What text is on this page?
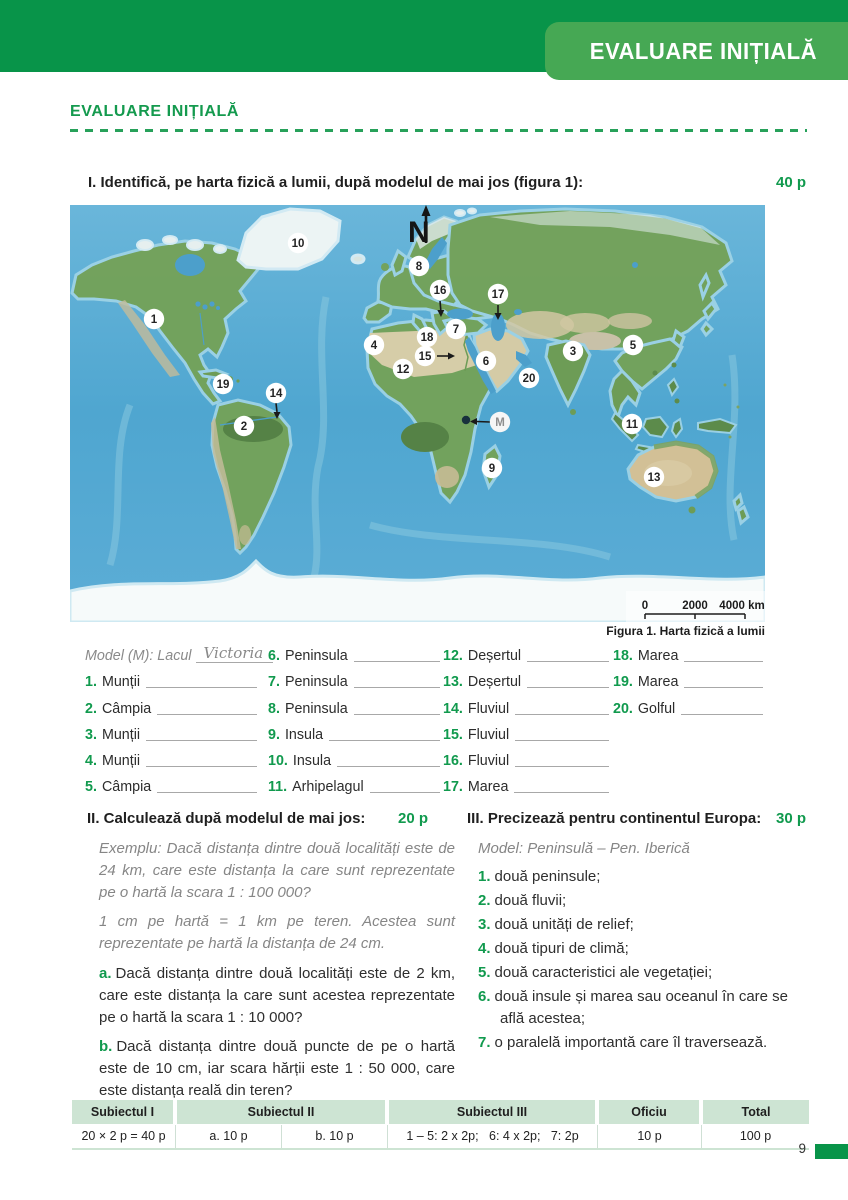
EVALUARE INIȚIALĂ
EVALUARE INIȚIALĂ
I. Identifică, pe harta fizică a lumii, după modelul de mai jos (figura 1):	40 p
N
0	2000 4000 km
1
2
3
4	5
6
7
8
9
10
11
12
13
14
15
16	17
18
19	20
M
Figura 1. Harta fizică a lumii
Model (M): Lacul Victoria
1. Munții
2. Câmpia
3. Munții
4. Munții
5. Câmpia
6. Peninsula
7. Peninsula
8. Peninsula
9. Insula
10. Insula
11. Arhipelagul
12. Deșertul
13. Deșertul
14. Fluviul
15. Fluviul
16. Fluviul
17. Marea
18. Marea
19. Marea
20. Golful
II. Calculează după modelul de mai jos: 20 p

Exemplu: Dacă distanța dintre două localități este de 24 km, care este distanța la care sunt reprezentate pe o hartă la scara 1 : 100 000?

1 cm pe hartă = 1 km pe teren. Acestea sunt reprezentate pe hartă la distanța de 24 cm.

a. Dacă distanța dintre două localități este de 2 km, care este distanța la care sunt acestea reprezentate pe o hartă la scara 1 : 10 000?

b. Dacă distanța dintre două puncte de pe o hartă este de 10 cm, iar scara hărții este 1 : 50 000, care este distanța reală din teren?

III. Precizează pentru continentul Europa: 30 p

Model: Peninsulă – Pen. Iberică

1. două peninsule;
2. două fluvii;
3. două unități de relief;
4. două tipuri de climă;
5. două caracteristici ale vegetației;
6. două insule și marea sau oceanul în care se află acestea;
7. o paralelă importantă care îl traversează.
Subiectul I	Subiectul II	Subiectul III	Oficiu	Total
20 × 2 p = 40 p	a. 10 p	b. 10 p	1 – 5: 2 x 2p;   6: 4 x 2p;   7: 2p	10 p	100 p
9
